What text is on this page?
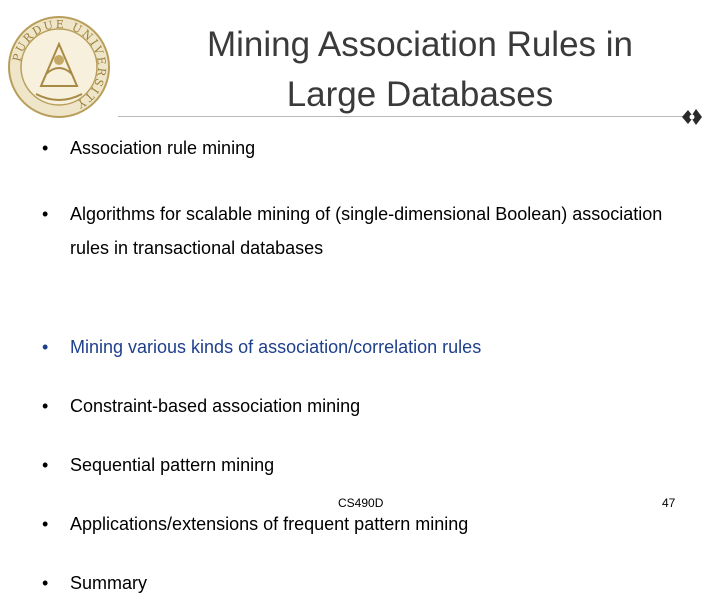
PURDUE UNIVERSITY
Mining Association Rules in
Large Databases
• Association rule mining
• Algorithms for scalable mining of (single-dimensional Boolean) association rules in transactional databases
• Mining various kinds of association/correlation rules
• Constraint-based association mining
• Sequential pattern mining
• Applications/extensions of frequent pattern mining
• Summary
CS490D	47
